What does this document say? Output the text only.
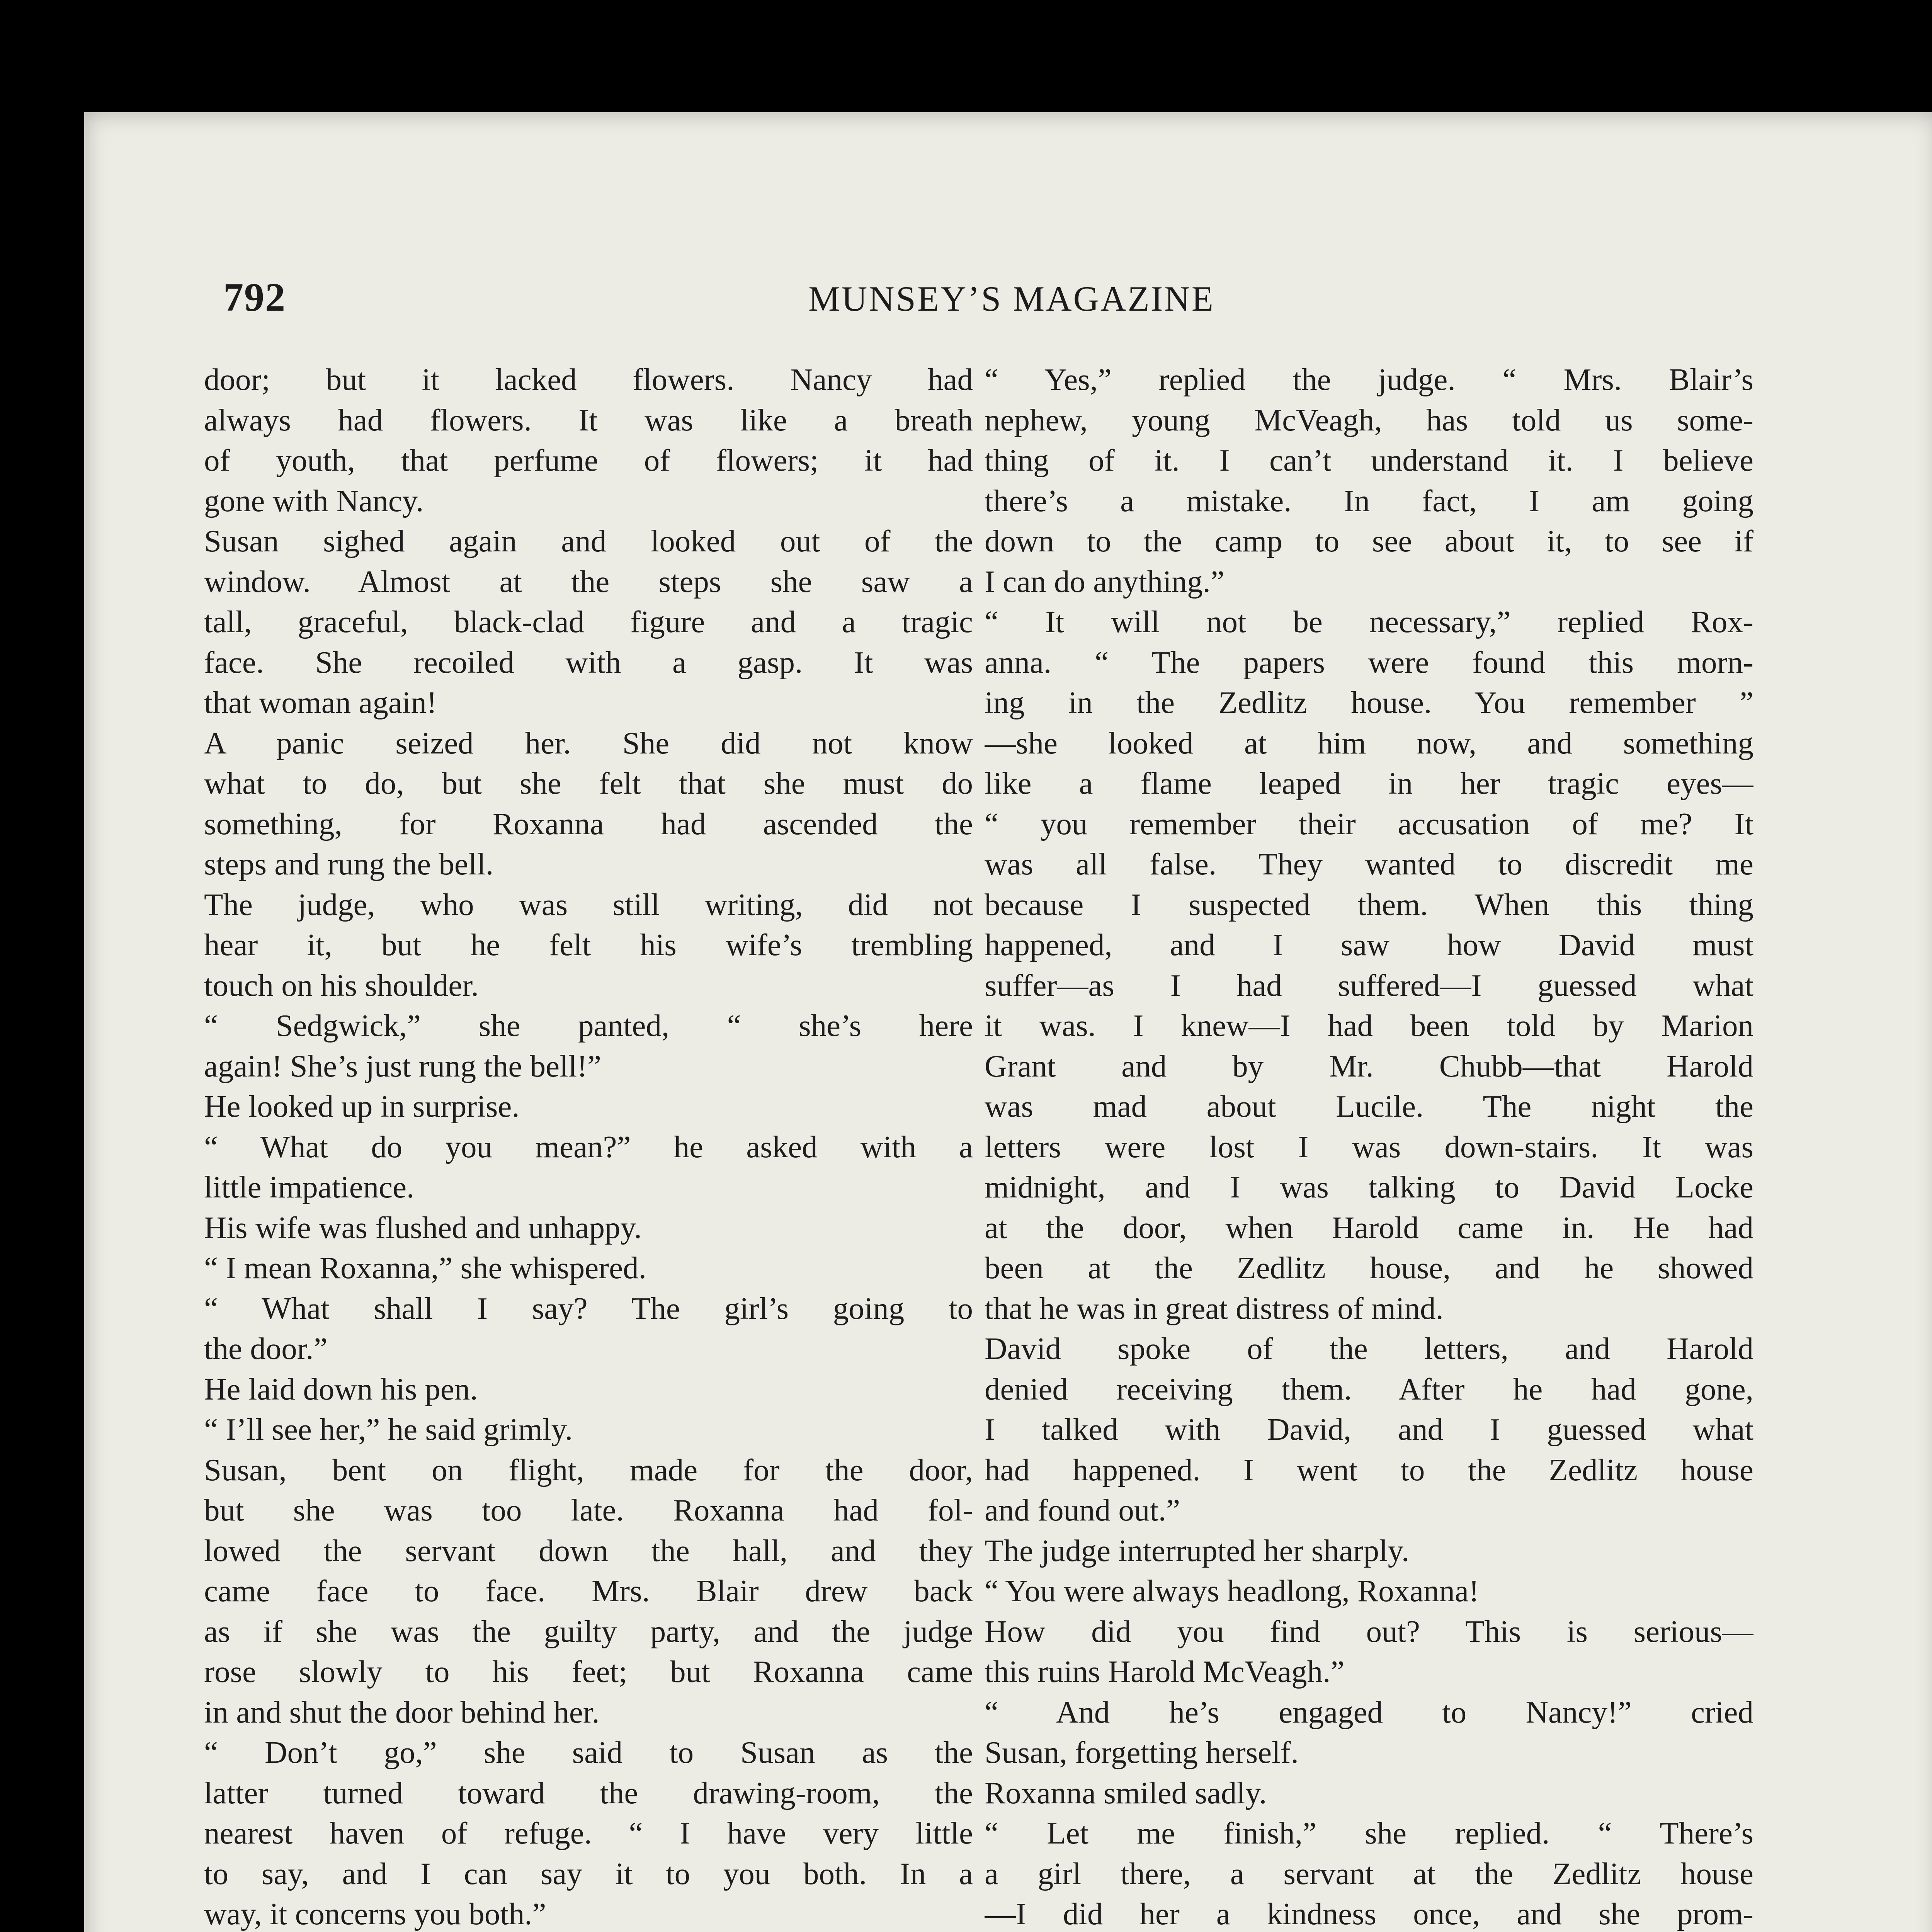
792	MUNSEY’S MAGAZINE
door; but it lacked flowers. Nancy had
always had flowers. It was like a breath
of youth, that perfume of flowers; it had
gone with Nancy.
Susan sighed again and looked out of the
window. Almost at the steps she saw a
tall, graceful, black-clad figure and a tragic
face. She recoiled with a gasp. It was
that woman again!
A panic seized her. She did not know
what to do, but she felt that she must do
something, for Roxanna had ascended the
steps and rung the bell.
The judge, who was still writing, did not
hear it, but he felt his wife’s trembling
touch on his shoulder.
“ Sedgwick,” she panted, “ she’s here
again! She’s just rung the bell!”
He looked up in surprise.
“ What do you mean?” he asked with a
little impatience.
His wife was flushed and unhappy.
“ I mean Roxanna,” she whispered.
“ What shall I say? The girl’s going to
the door.”
He laid down his pen.
“ I’ll see her,” he said grimly.
Susan, bent on flight, made for the door,
but she was too late. Roxanna had fol-
lowed the servant down the hall, and they
came face to face. Mrs. Blair drew back
as if she was the guilty party, and the judge
rose slowly to his feet; but Roxanna came
in and shut the door behind her.
“ Don’t go,” she said to Susan as the
latter turned toward the drawing-room, the
nearest haven of refuge. “ I have very little
to say, and I can say it to you both. In a
way, it concerns you both.”
“ Yes,” replied the judge. “ Mrs. Blair’s
nephew, young McVeagh, has told us some-
thing of it. I can’t understand it. I believe
there’s a mistake. In fact, I am going
down to the camp to see about it, to see if
I can do anything.”
“ It will not be necessary,” replied Rox-
anna. “ The papers were found this morn-
ing in the Zedlitz house. You remember ”
—she looked at him now, and something
like a flame leaped in her tragic eyes—
“ you remember their accusation of me? It
was all false. They wanted to discredit me
because I suspected them. When this thing
happened, and I saw how David must
suffer—as I had suffered—I guessed what
it was. I knew—I had been told by Marion
Grant and by Mr. Chubb—that Harold
was mad about Lucile. The night the
letters were lost I was down-stairs. It was
midnight, and I was talking to David Locke
at the door, when Harold came in. He had
been at the Zedlitz house, and he showed
that he was in great distress of mind.
David spoke of the letters, and Harold
denied receiving them. After he had gone,
I talked with David, and I guessed what
had happened. I went to the Zedlitz house
and found out.”
The judge interrupted her sharply.
“ You were always headlong, Roxanna!
How did you find out? This is serious—
this ruins Harold McVeagh.”
“ And he’s engaged to Nancy!” cried
Susan, forgetting herself.
Roxanna smiled sadly.
“ Let me finish,” she replied. “ There’s
a girl there, a servant at the Zedlitz house
—I did her a kindness once, and she prom-
